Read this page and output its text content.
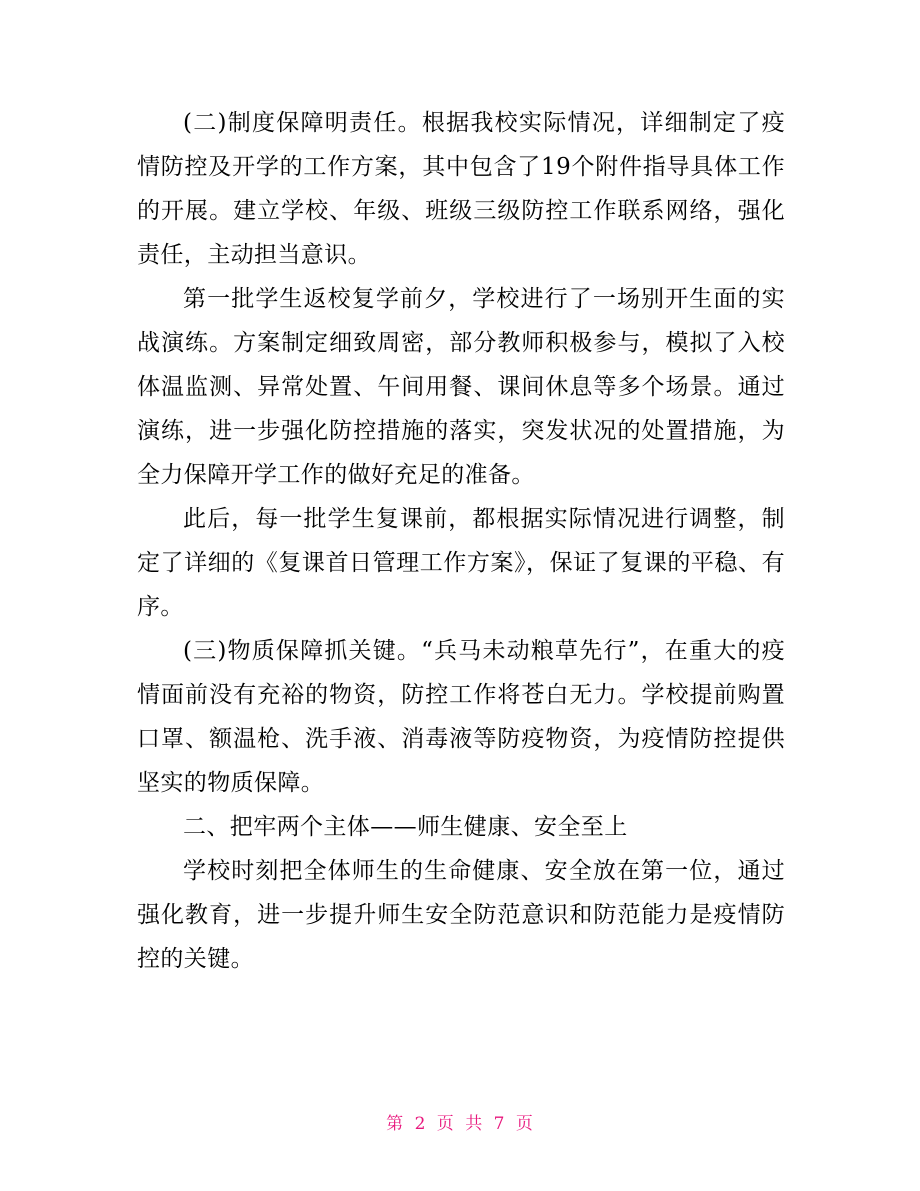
(二)制度保障明责任。根据我校实际情况，详细制定了疫情防控及开学的工作方案，其中包含了19个附件指导具体工作的开展。建立学校、年级、班级三级防控工作联系网络，强化责任，主动担当意识。

第一批学生返校复学前夕，学校进行了一场别开生面的实战演练。方案制定细致周密，部分教师积极参与，模拟了入校体温监测、异常处置、午间用餐、课间休息等多个场景。通过演练，进一步强化防控措施的落实，突发状况的处置措施，为全力保障开学工作的做好充足的准备。

此后，每一批学生复课前，都根据实际情况进行调整，制定了详细的《复课首日管理工作方案》，保证了复课的平稳、有序。

(三)物质保障抓关键。“兵马未动粮草先行”，在重大的疫情面前没有充裕的物资，防控工作将苍白无力。学校提前购置口罩、额温枪、洗手液、消毒液等防疫物资，为疫情防控提供坚实的物质保障。

二、把牢两个主体——师生健康、安全至上

学校时刻把全体师生的生命健康、安全放在第一位，通过强化教育，进一步提升师生安全防范意识和防范能力是疫情防控的关键。

第 2 页 共 7 页
